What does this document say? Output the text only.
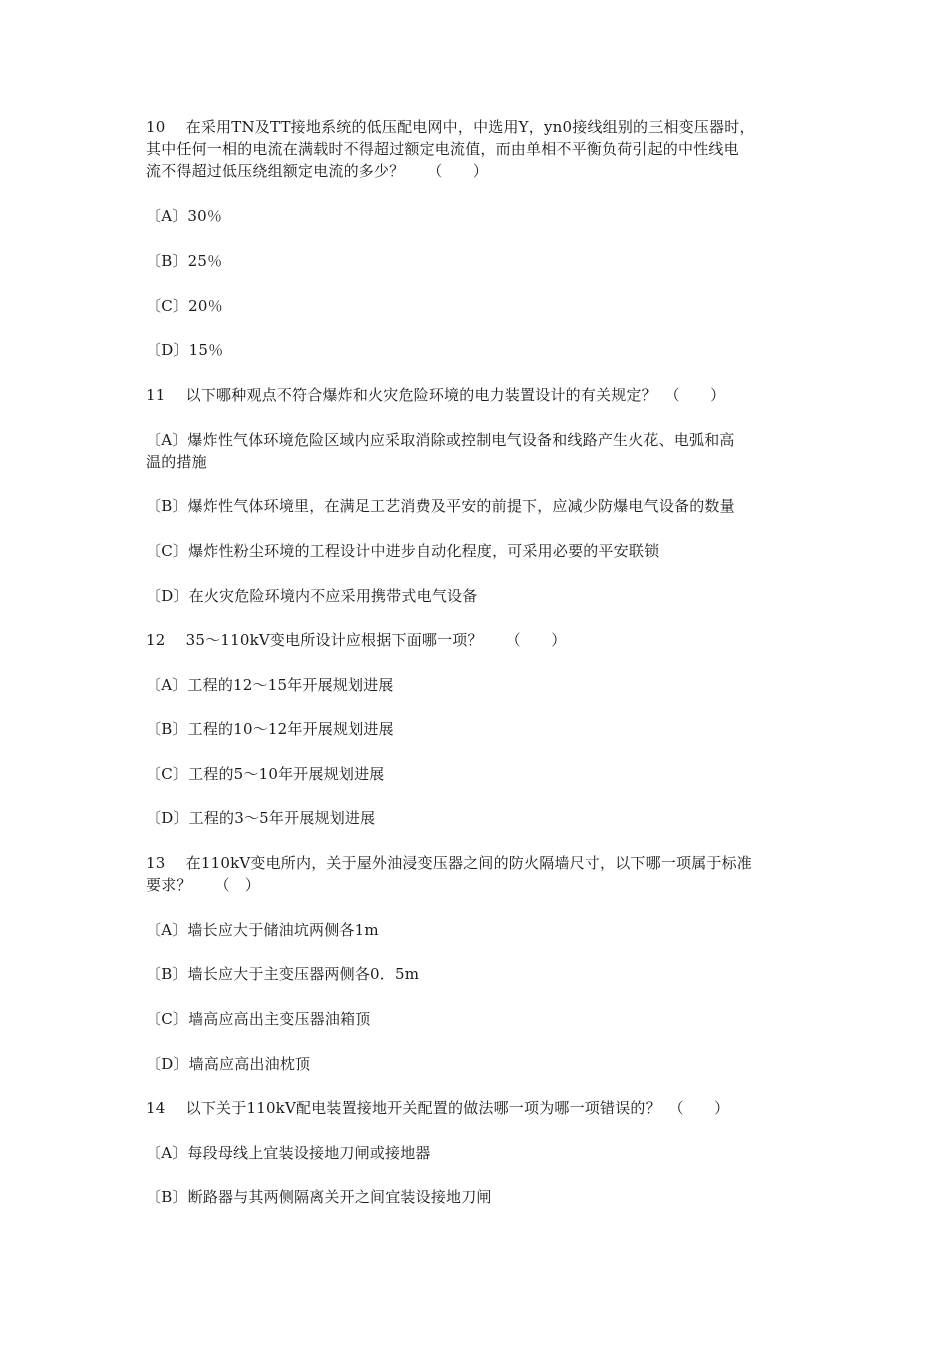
10　 在采用TN及TT接地系统的低压配电网中，中选用Y，yn0接线组别的三相变压器时，
其中任何一相的电流在满载时不得超过额定电流值，而由单相不平衡负荷引起的中性线电
流不得超过低压绕组额定电流的多少？　　（　　）
〔A〕30％
〔B〕25％
〔C〕20％
〔D〕15％
11　 以下哪种观点不符合爆炸和火灾危险环境的电力装置设计的有关规定？　（　　）
〔A〕爆炸性气体环境危险区域内应采取消除或控制电气设备和线路产生火花、电弧和高
温的措施
〔B〕爆炸性气体环境里，在满足工艺消费及平安的前提下，应减少防爆电气设备的数量
〔C〕爆炸性粉尘环境的工程设计中进步自动化程度，可采用必要的平安联锁
〔D〕在火灾危险环境内不应采用携带式电气设备
12　 35～110kV变电所设计应根据下面哪一项？　　（　　）
〔A〕工程的12～15年开展规划进展
〔B〕工程的10～12年开展规划进展
〔C〕工程的5～10年开展规划进展
〔D〕工程的3～5年开展规划进展
13　 在110kV变电所内，关于屋外油浸变压器之间的防火隔墙尺寸，以下哪一项属于标准
要求？　　（　）
〔A〕墙长应大于储油坑两侧各1m
〔B〕墙长应大于主变压器两侧各0．5m
〔C〕墙高应高出主变压器油箱顶
〔D〕墙高应高出油枕顶
14　 以下关于110kV配电装置接地开关配置的做法哪一项为哪一项错误的？　（　　）
〔A〕每段母线上宜装设接地刀闸或接地器
〔B〕断路器与其两侧隔离关开之间宜装设接地刀闸
